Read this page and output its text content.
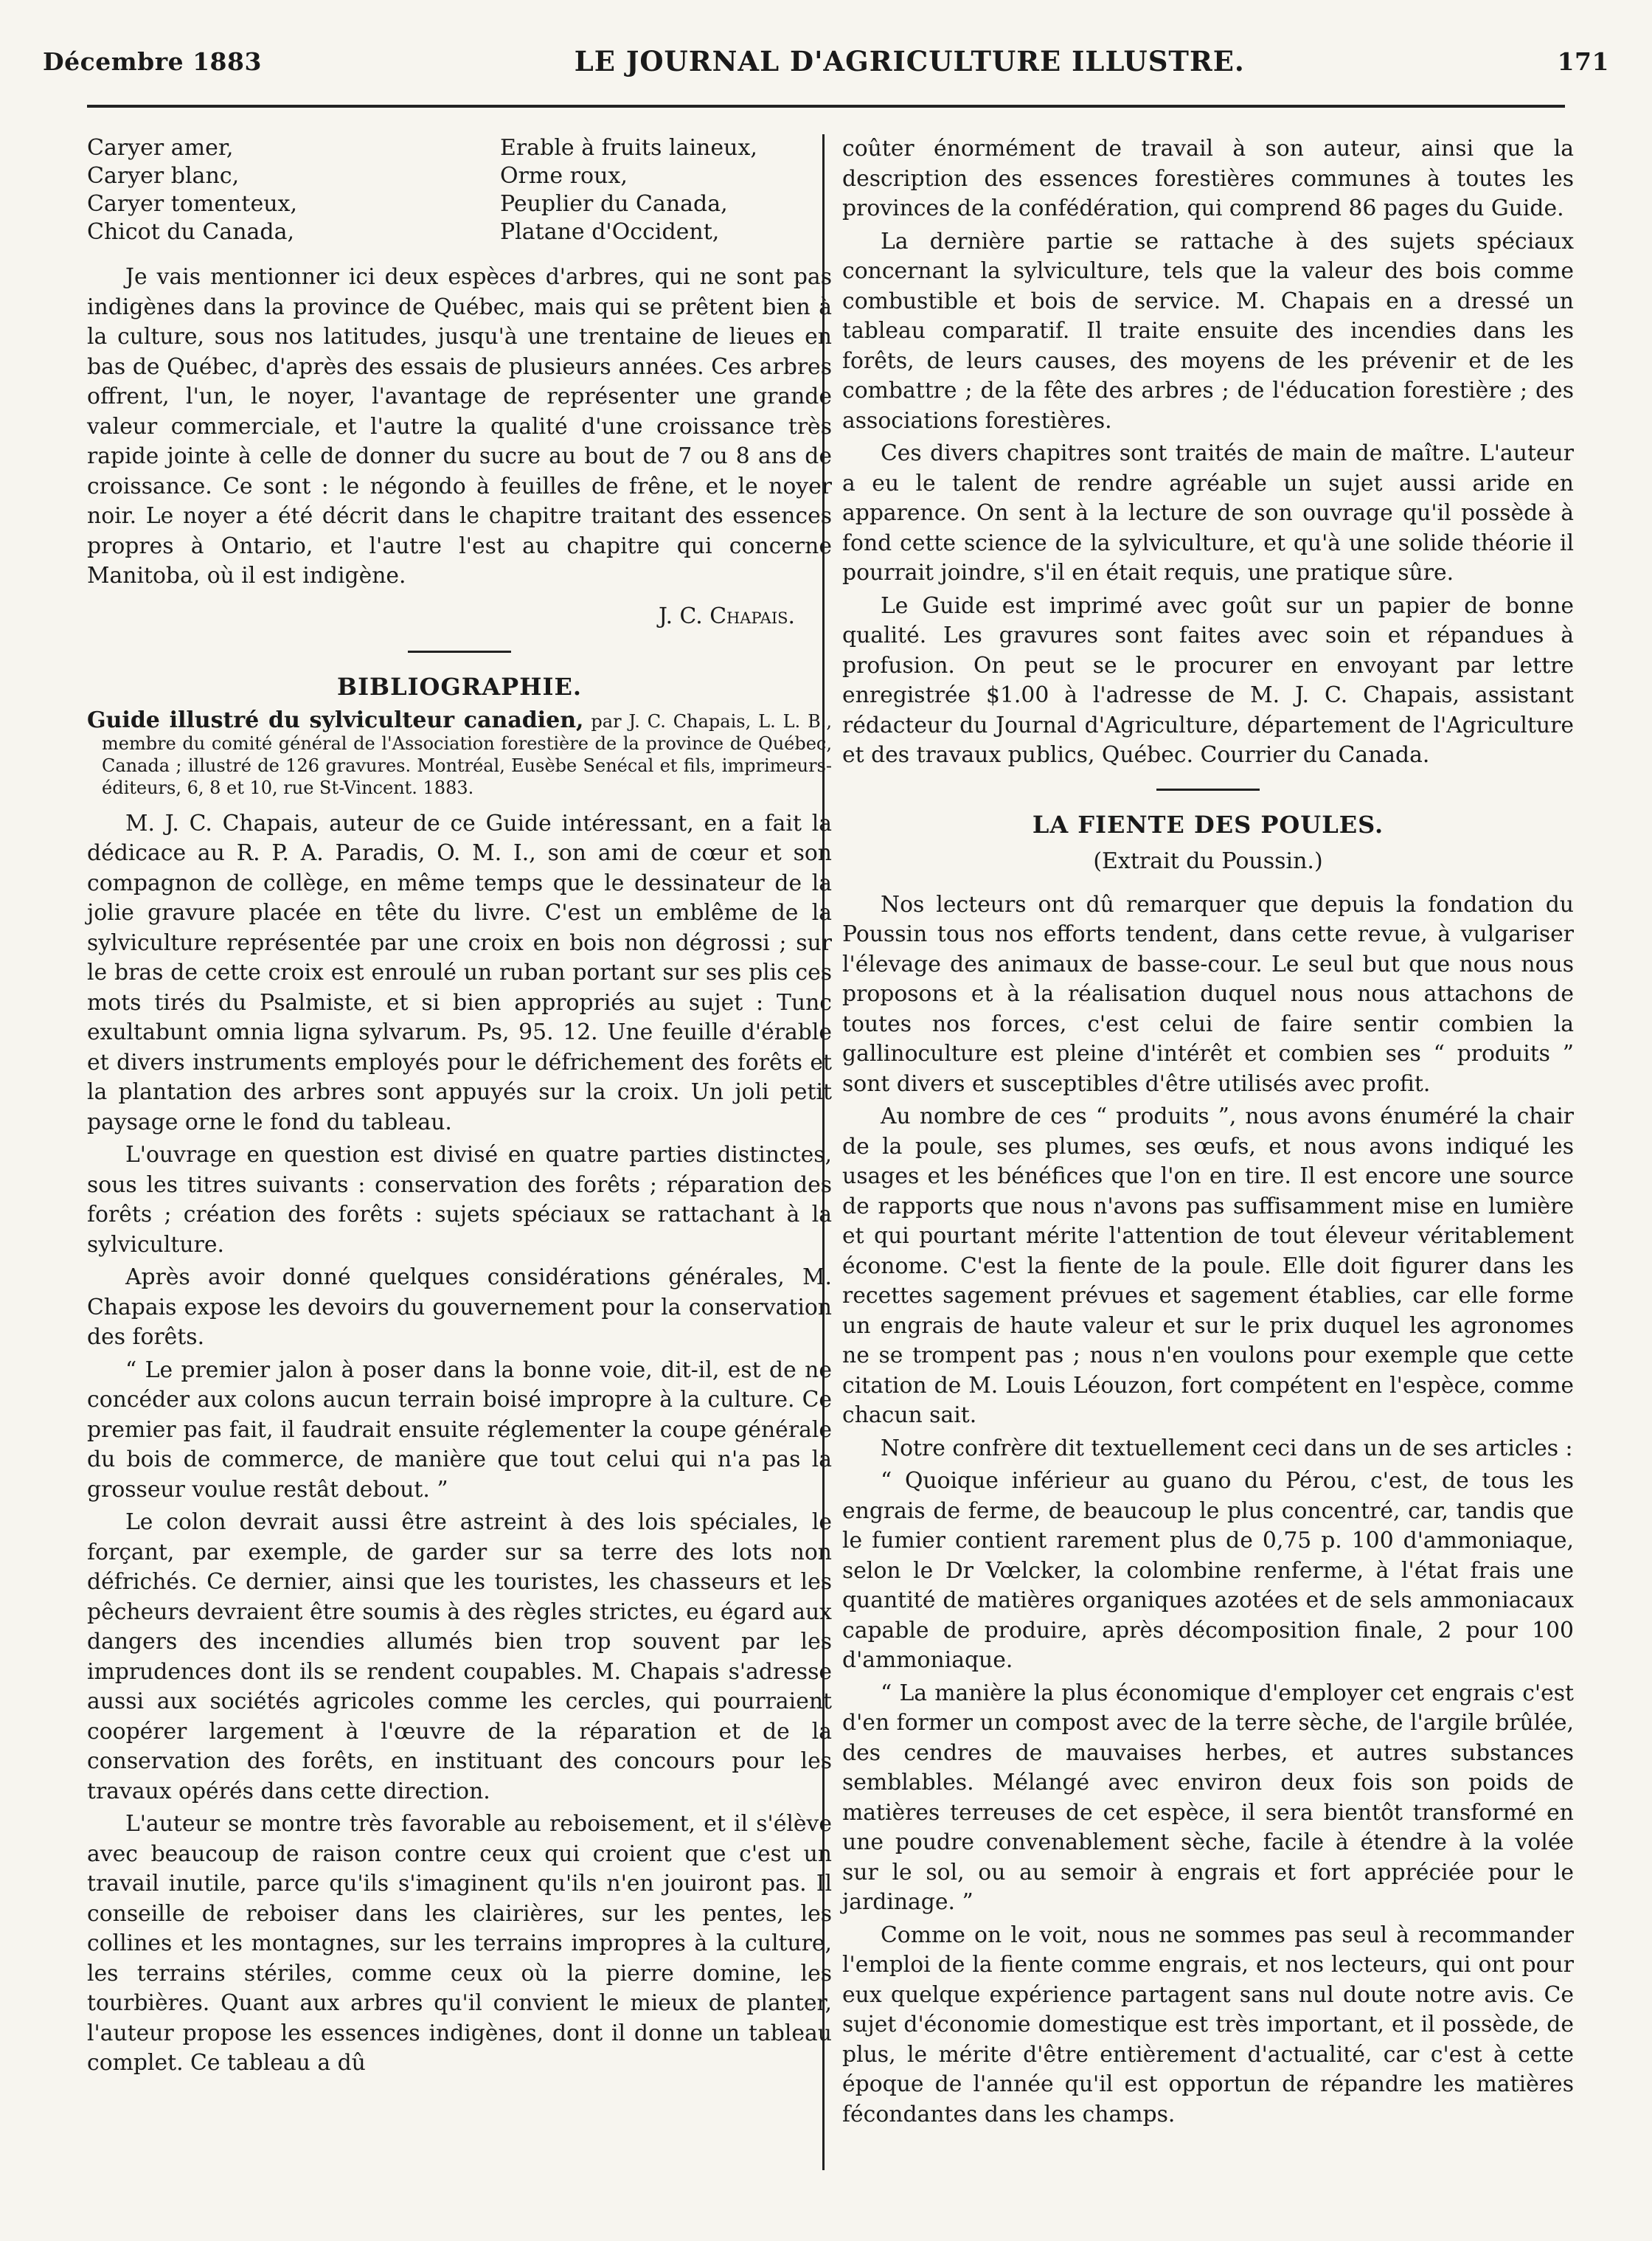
Décembre 1883	LE JOURNAL D'AGRICULTURE ILLUSTRE.	171
Caryer amer,	Erable à fruits laineux,
Caryer blanc,	Orme roux,
Caryer tomenteux,	Peuplier du Canada,
Chicot du Canada,	Platane d'Occident,

Je vais mentionner ici deux espèces d'arbres, qui ne sont pas indigènes dans la province de Québec, mais qui se prêtent bien à la culture, sous nos latitudes, jusqu'à une trentaine de lieues en bas de Québec, d'après des essais de plusieurs années. Ces arbres offrent, l'un, le noyer, l'avantage de représenter une grande valeur commerciale, et l'autre la qualité d'une croissance très rapide jointe à celle de donner du sucre au bout de 7 ou 8 ans de croissance. Ce sont : le négondo à feuilles de frêne, et le noyer noir. Le noyer a été décrit dans le chapitre traitant des essences propres à Ontario, et l'autre l'est au chapitre qui concerne Manitoba, où il est indigène.

J. C. Chapais.

BIBLIOGRAPHIE.

Guide illustré du sylviculteur canadien, par J. C. Chapais, L. L. B., membre du comité général de l'Association forestière de la province de Québec, Canada ; illustré de 126 gravures. Montréal, Eusèbe Senécal et fils, imprimeurs-éditeurs, 6, 8 et 10, rue St-Vincent. 1883.

M. J. C. Chapais, auteur de ce Guide intéressant, en a fait la dédicace au R. P. A. Paradis, O. M. I., son ami de cœur et son compagnon de collège, en même temps que le dessinateur de la jolie gravure placée en tête du livre. C'est un emblême de la sylviculture représentée par une croix en bois non dégrossi ; sur le bras de cette croix est enroulé un ruban portant sur ses plis ces mots tirés du Psalmiste, et si bien appropriés au sujet : Tunc exultabunt omnia ligna sylvarum. Ps, 95. 12. Une feuille d'érable et divers instruments employés pour le défrichement des forêts et la plantation des arbres sont appuyés sur la croix. Un joli petit paysage orne le fond du tableau.

L'ouvrage en question est divisé en quatre parties distinctes, sous les titres suivants : conservation des forêts ; réparation des forêts ; création des forêts : sujets spéciaux se rattachant à la sylviculture.

Après avoir donné quelques considérations générales, M. Chapais expose les devoirs du gouvernement pour la conservation des forêts.

“ Le premier jalon à poser dans la bonne voie, dit-il, est de ne concéder aux colons aucun terrain boisé impropre à la culture. Ce premier pas fait, il faudrait ensuite réglementer la coupe générale du bois de commerce, de manière que tout celui qui n'a pas la grosseur voulue restât debout. ”

Le colon devrait aussi être astreint à des lois spéciales, le forçant, par exemple, de garder sur sa terre des lots non défrichés. Ce dernier, ainsi que les touristes, les chasseurs et les pêcheurs devraient être soumis à des règles strictes, eu égard aux dangers des incendies allumés bien trop souvent par les imprudences dont ils se rendent coupables. M. Chapais s'adresse aussi aux sociétés agricoles comme les cercles, qui pourraient coopérer largement à l'œuvre de la réparation et de la conservation des forêts, en instituant des concours pour les travaux opérés dans cette direction.

L'auteur se montre très favorable au reboisement, et il s'élève avec beaucoup de raison contre ceux qui croient que c'est un travail inutile, parce qu'ils s'imaginent qu'ils n'en jouiront pas. Il conseille de reboiser dans les clairières, sur les pentes, les collines et les montagnes, sur les terrains impropres à la culture, les terrains stériles, comme ceux où la pierre domine, les tourbières. Quant aux arbres qu'il convient le mieux de planter, l'auteur propose les essences indigènes, dont il donne un tableau complet. Ce tableau a dû

coûter énormément de travail à son auteur, ainsi que la description des essences forestières communes à toutes les provinces de la confédération, qui comprend 86 pages du Guide.

La dernière partie se rattache à des sujets spéciaux concernant la sylviculture, tels que la valeur des bois comme combustible et bois de service. M. Chapais en a dressé un tableau comparatif. Il traite ensuite des incendies dans les forêts, de leurs causes, des moyens de les prévenir et de les combattre ; de la fête des arbres ; de l'éducation forestière ; des associations forestières.

Ces divers chapitres sont traités de main de maître. L'auteur a eu le talent de rendre agréable un sujet aussi aride en apparence. On sent à la lecture de son ouvrage qu'il possède à fond cette science de la sylviculture, et qu'à une solide théorie il pourrait joindre, s'il en était requis, une pratique sûre.

Le Guide est imprimé avec goût sur un papier de bonne qualité. Les gravures sont faites avec soin et répandues à profusion. On peut se le procurer en envoyant par lettre enregistrée $1.00 à l'adresse de M. J. C. Chapais, assistant rédacteur du Journal d'Agriculture, département de l'Agriculture et des travaux publics, Québec. Courrier du Canada.

LA FIENTE DES POULES.

(Extrait du Poussin.)

Nos lecteurs ont dû remarquer que depuis la fondation du Poussin tous nos efforts tendent, dans cette revue, à vulgariser l'élevage des animaux de basse-cour. Le seul but que nous nous proposons et à la réalisation duquel nous nous attachons de toutes nos forces, c'est celui de faire sentir combien la gallinoculture est pleine d'intérêt et combien ses “ produits ” sont divers et susceptibles d'être utilisés avec profit.

Au nombre de ces “ produits ”, nous avons énuméré la chair de la poule, ses plumes, ses œufs, et nous avons indiqué les usages et les bénéfices que l'on en tire. Il est encore une source de rapports que nous n'avons pas suffisamment mise en lumière et qui pourtant mérite l'attention de tout éleveur véritablement économe. C'est la fiente de la poule. Elle doit figurer dans les recettes sagement prévues et sagement établies, car elle forme un engrais de haute valeur et sur le prix duquel les agronomes ne se trompent pas ; nous n'en voulons pour exemple que cette citation de M. Louis Léouzon, fort compétent en l'espèce, comme chacun sait.

Notre confrère dit textuellement ceci dans un de ses articles :

“ Quoique inférieur au guano du Pérou, c'est, de tous les engrais de ferme, de beaucoup le plus concentré, car, tandis que le fumier contient rarement plus de 0,75 p. 100 d'ammoniaque, selon le Dr Vœlcker, la colombine renferme, à l'état frais une quantité de matières organiques azotées et de sels ammoniacaux capable de produire, après décomposition finale, 2 pour 100 d'ammoniaque.

“ La manière la plus économique d'employer cet engrais c'est d'en former un compost avec de la terre sèche, de l'argile brûlée, des cendres de mauvaises herbes, et autres substances semblables. Mélangé avec environ deux fois son poids de matières terreuses de cet espèce, il sera bientôt transformé en une poudre convenablement sèche, facile à étendre à la volée sur le sol, ou au semoir à engrais et fort appréciée pour le jardinage. ”

Comme on le voit, nous ne sommes pas seul à recommander l'emploi de la fiente comme engrais, et nos lecteurs, qui ont pour eux quelque expérience partagent sans nul doute notre avis. Ce sujet d'économie domestique est très important, et il possède, de plus, le mérite d'être entièrement d'actualité, car c'est à cette époque de l'année qu'il est opportun de répandre les matières fécondantes dans les champs.
